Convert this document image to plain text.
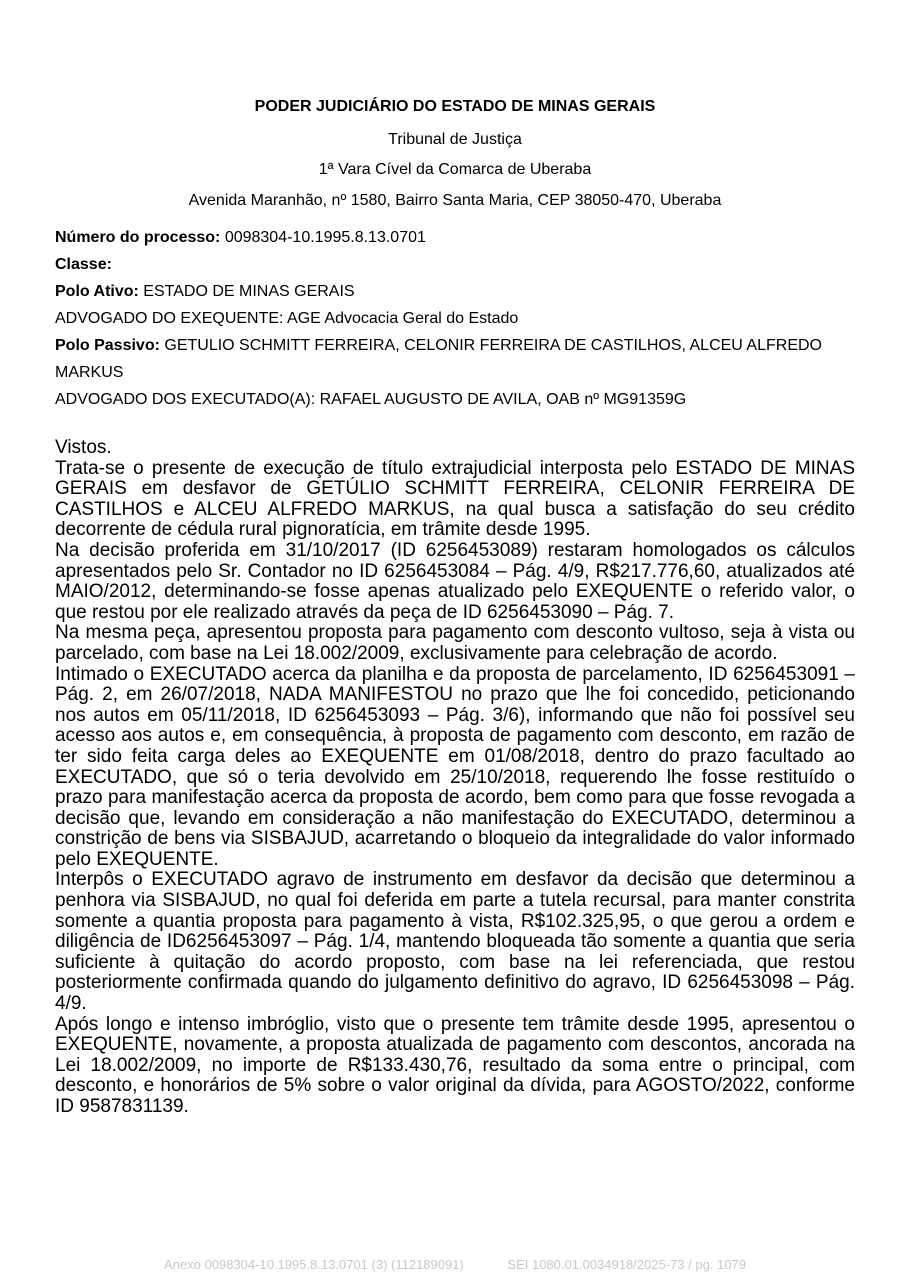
PODER JUDICIÁRIO DO ESTADO DE MINAS GERAIS
Tribunal de Justiça
1ª Vara Cível da Comarca de Uberaba
Avenida Maranhão, nº 1580, Bairro Santa Maria, CEP 38050-470, Uberaba
Número do processo: 0098304-10.1995.8.13.0701
Classe:
Polo Ativo: ESTADO DE MINAS GERAIS
ADVOGADO DO EXEQUENTE: AGE Advocacia Geral do Estado
Polo Passivo: GETULIO SCHMITT FERREIRA, CELONIR FERREIRA DE CASTILHOS, ALCEU ALFREDO MARKUS
ADVOGADO DOS EXECUTADO(A): RAFAEL AUGUSTO DE AVILA, OAB nº MG91359G

Vistos.

Trata-se o presente de execução de título extrajudicial interposta pelo ESTADO DE MINAS GERAIS em desfavor de GETÚLIO SCHMITT FERREIRA, CELONIR FERREIRA DE CASTILHOS e ALCEU ALFREDO MARKUS, na qual busca a satisfação do seu crédito decorrente de cédula rural pignoratícia, em trâmite desde 1995.

Na decisão proferida em 31/10/2017 (ID 6256453089) restaram homologados os cálculos apresentados pelo Sr. Contador no ID 6256453084 – Pág. 4/9, R$217.776,60, atualizados até MAIO/2012, determinando-se fosse apenas atualizado pelo EXEQUENTE o referido valor, o que restou por ele realizado através da peça de ID 6256453090 – Pág. 7.

Na mesma peça, apresentou proposta para pagamento com desconto vultoso, seja à vista ou parcelado, com base na Lei 18.002/2009, exclusivamente para celebração de acordo.

Intimado o EXECUTADO acerca da planilha e da proposta de parcelamento, ID 6256453091 – Pág. 2, em 26/07/2018, NADA MANIFESTOU no prazo que lhe foi concedido, peticionando nos autos em 05/11/2018, ID 6256453093 – Pág. 3/6), informando que não foi possível seu acesso aos autos e, em consequência, à proposta de pagamento com desconto, em razão de ter sido feita carga deles ao EXEQUENTE em 01/08/2018, dentro do prazo facultado ao EXECUTADO, que só o teria devolvido em 25/10/2018, requerendo lhe fosse restituído o prazo para manifestação acerca da proposta de acordo, bem como para que fosse revogada a decisão que, levando em consideração a não manifestação do EXECUTADO, determinou a constrição de bens via SISBAJUD, acarretando o bloqueio da integralidade do valor informado pelo EXEQUENTE.

Interpôs o EXECUTADO agravo de instrumento em desfavor da decisão que determinou a penhora via SISBAJUD, no qual foi deferida em parte a tutela recursal, para manter constrita somente a quantia proposta para pagamento à vista, R$102.325,95, o que gerou a ordem e diligência de ID6256453097 – Pág. 1/4, mantendo bloqueada tão somente a quantia que seria suficiente à quitação do acordo proposto, com base na lei referenciada, que restou posteriormente confirmada quando do julgamento definitivo do agravo, ID 6256453098 – Pág. 4/9.

Após longo e intenso imbróglio, visto que o presente tem trâmite desde 1995, apresentou o EXEQUENTE, novamente, a proposta atualizada de pagamento com descontos, ancorada na Lei 18.002/2009, no importe de R$133.430,76, resultado da soma entre o principal, com desconto, e honorários de 5% sobre o valor original da dívida, para AGOSTO/2022, conforme ID 9587831139.

Anexo 0098304-10.1995.8.13.0701 (3) (112189091)	SEI 1080.01.0034918/2025-73 / pg. 1079
